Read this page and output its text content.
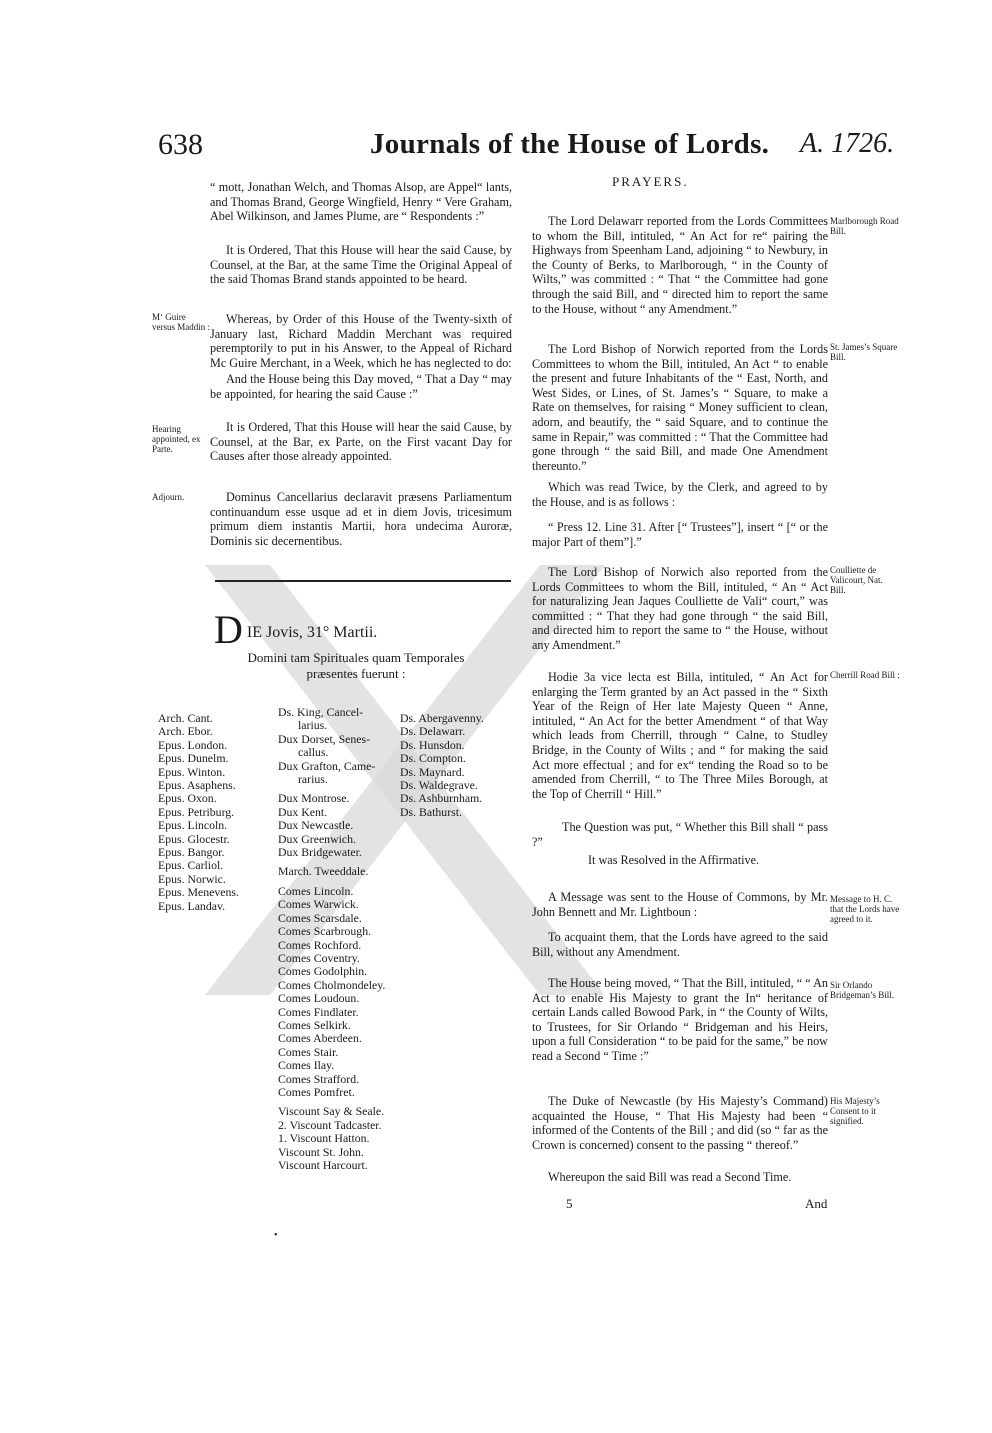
638	Journals of the House of Lords. A. 1726.
“ mott, Jonathan Welch, and Thomas Alsop, are Appel“ lants, and Thomas Brand, George Wingfield, Henry “ Vere Graham, Abel Wilkinson, and James Plume, are “ Respondents :”
It is Ordered, That this House will hear the said Cause, by Counsel, at the Bar, at the same Time the Original Appeal of the said Thomas Brand stands appointed to be heard.
Whereas, by Order of this House of the Twenty-sixth of January last, Richard Maddin Merchant was required peremptorily to put in his Answer, to the Appeal of Richard Mc Guire Merchant, in a Week, which he has neglected to do:
And the House being this Day moved, “ That a Day “ may be appointed, for hearing the said Cause :”
It is Ordered, That this House will hear the said Cause, by Counsel, at the Bar, ex Parte, on the First vacant Day for Causes after those already appointed.
Dominus Cancellarius declaravit præsens Parliamentum continuandum esse usque ad et in diem Jovis, tricesimum primum diem instantis Martii, hora undecima Auroræ, Dominis sic decernentibus.
M‘ Guire versus Maddin :
Hearing appointed, ex Parte.
Adjourn.
DIE Jovis, 31° Martii.
Domini tam Spirituales quam Temporales præsentes fuerunt :
Arch. Cant.
Arch. Ebor.
Epus. London.
Epus. Dunelm.
Epus. Winton.
Epus. Asaphens.
Epus. Oxon.
Epus. Petriburg.
Epus. Lincoln.
Epus. Glocestr.
Epus. Bangor.
Epus. Carliol.
Epus. Norwic.
Epus. Menevens.
Epus. Landav.
Ds. King, Cancel-
larius.
Dux Dorset, Senes-
callus.
Dux Grafton, Came-
rarius.
Dux Montrose.
Dux Kent.
Dux Newcastle.
Dux Greenwich.
Dux Bridgewater.
March. Tweeddale.
Comes Lincoln.
Comes Warwick.
Comes Scarsdale.
Comes Scarbrough.
Comes Rochford.
Comes Coventry.
Comes Godolphin.
Comes Cholmondeley.
Comes Loudoun.
Comes Findlater.
Comes Selkirk.
Comes Aberdeen.
Comes Stair.
Comes Ilay.
Comes Strafford.
Comes Pomfret.
Viscount Say & Seale.
2. Viscount Tadcaster.
1. Viscount Hatton.
Viscount St. John.
Viscount Harcourt.
Ds. Abergavenny.
Ds. Delawarr.
Ds. Hunsdon.
Ds. Compton.
Ds. Maynard.
Ds. Waldegrave.
Ds. Ashburnham.
Ds. Bathurst.
PRAYERS.
The Lord Delawarr reported from the Lords Committees to whom the Bill, intituled, “ An Act for re“ pairing the Highways from Speenham Land, adjoining “ to Newbury, in the County of Berks, to Marlborough, “ in the County of Wilts,” was committed : “ That “ the Committee had gone through the said Bill, and “ directed him to report the same to the House, without “ any Amendment.”
The Lord Bishop of Norwich reported from the Lords Committees to whom the Bill, intituled, An Act “ to enable the present and future Inhabitants of the “ East, North, and West Sides, or Lines, of St. James’s “ Square, to make a Rate on themselves, for raising “ Money sufficient to clean, adorn, and beautify, the “ said Square, and to continue the same in Repair,” was committed : “ That the Committee had gone through “ the said Bill, and made One Amendment thereunto.”
Which was read Twice, by the Clerk, and agreed to by the House, and is as follows :
“ Press 12. Line 31. After [“ Trustees”], insert “ [“ or the major Part of them”].”
The Lord Bishop of Norwich also reported from the Lords Committees to whom the Bill, intituled, “ An “ Act for naturalizing Jean Jaques Coulliette de Vali“ court,” was committed : “ That they had gone through “ the said Bill, and directed him to report the same to “ the House, without any Amendment.”
Hodie 3a vice lecta est Billa, intituled, “ An Act for enlarging the Term granted by an Act passed in the “ Sixth Year of the Reign of Her late Majesty Queen “ Anne, intituled, “ An Act for the better Amendment “ of that Way which leads from Cherrill, through “ Calne, to Studley Bridge, in the County of Wilts ; and “ for making the said Act more effectual ; and for ex“ tending the Road so to be amended from Cherrill, “ to The Three Miles Borough, at the Top of Cherrill “ Hill.”
The Question was put, “ Whether this Bill shall “ pass ?”
It was Resolved in the Affirmative.
A Message was sent to the House of Commons, by Mr. John Bennett and Mr. Lightboun :
To acquaint them, that the Lords have agreed to the said Bill, without any Amendment.
The House being moved, “ That the Bill, intituled, “ “ An Act to enable His Majesty to grant the In“ heritance of certain Lands called Bowood Park, in “ the County of Wilts, to Trustees, for Sir Orlando “ Bridgeman and his Heirs, upon a full Consideration “ to be paid for the same,” be now read a Second “ Time :”
The Duke of Newcastle (by His Majesty’s Command) acquainted the House, “ That His Majesty had been “ informed of the Contents of the Bill ; and did (so “ far as the Crown is concerned) consent to the passing “ thereof.”
Whereupon the said Bill was read a Second Time.
Marlborough Road Bill.
St. James’s Square Bill.
Coulliette de Valicourt, Nat. Bill.
Cherrill Road Bill :
Message to H. C. that the Lords have agreed to it.
Sir Orlando Bridgeman’s Bill.
His Majesty’s Consent to it signified.
5	And
•
